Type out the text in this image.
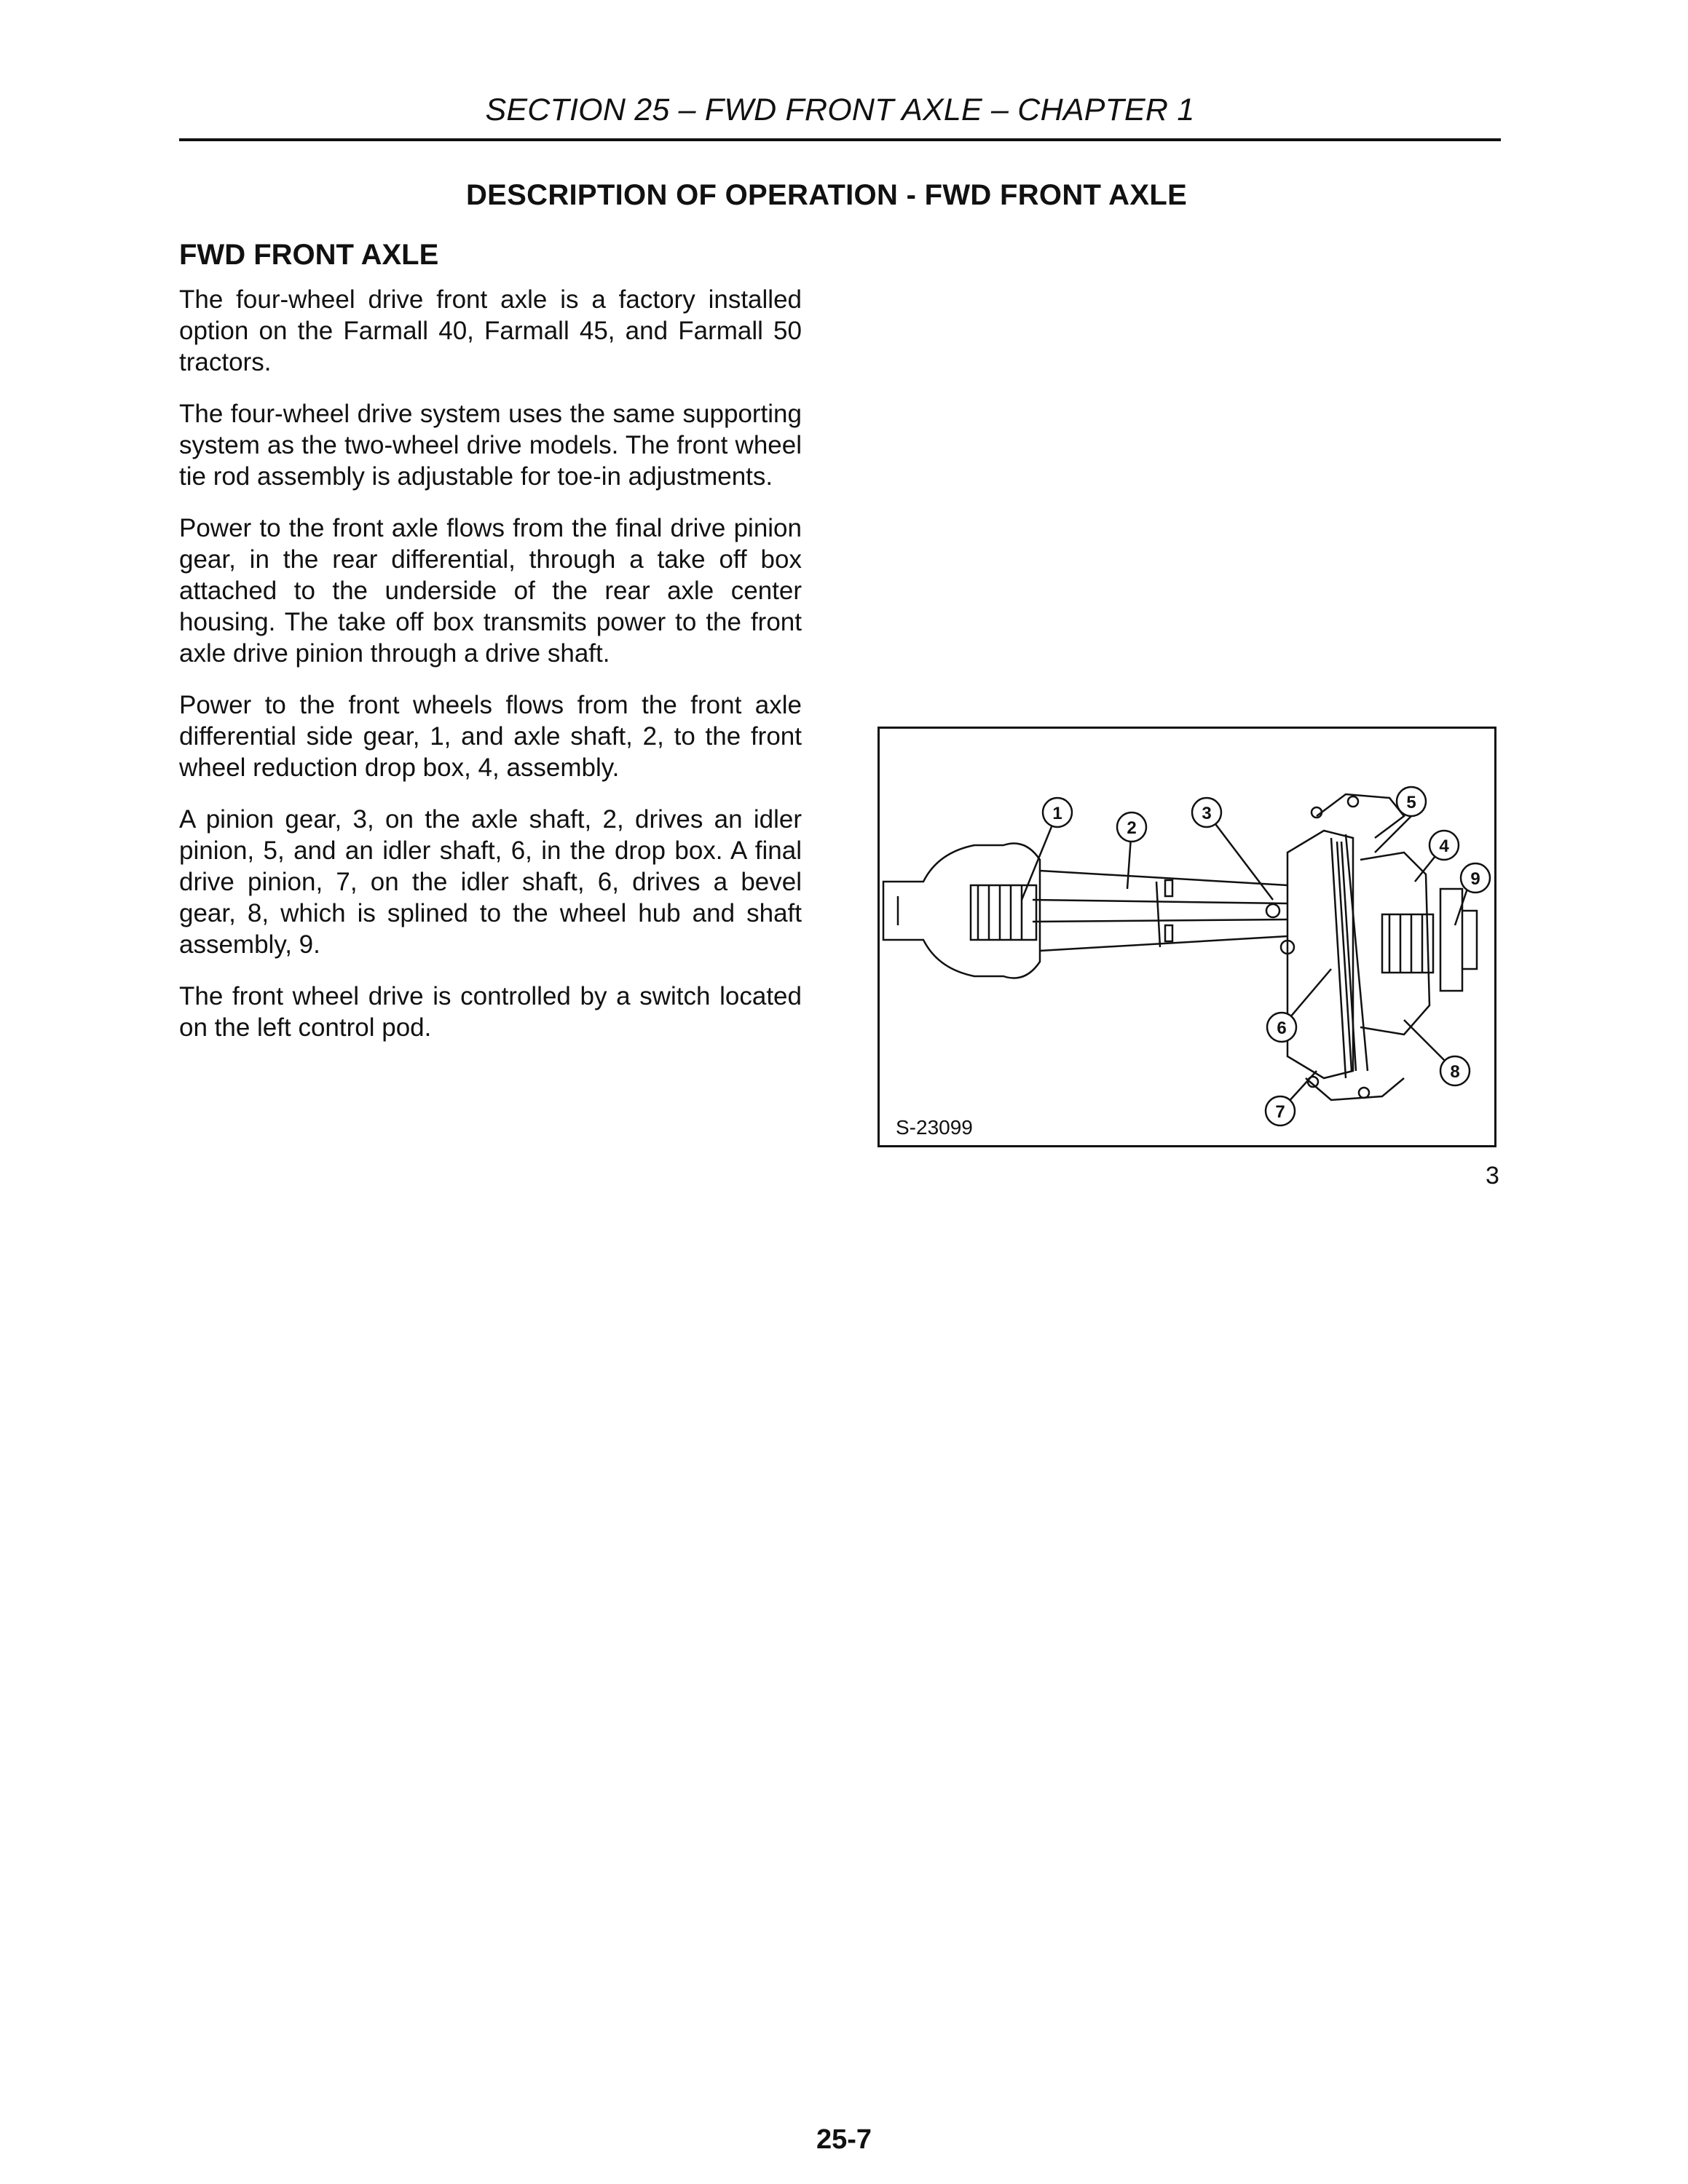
SECTION 25 – FWD FRONT AXLE – CHAPTER 1
DESCRIPTION OF OPERATION - FWD FRONT AXLE
FWD FRONT AXLE

The four-wheel drive front axle is a factory installed option on the Farmall 40, Farmall 45, and Farmall 50 tractors.

The four-wheel drive system uses the same supporting system as the two-wheel drive models. The front wheel tie rod assembly is adjustable for toe-in adjustments.

Power to the front axle flows from the final drive pinion gear, in the rear differential, through a take off box attached to the underside of the rear axle center housing. The take off box transmits power to the front axle drive pinion through a drive shaft.

Power to the front wheels flows from the front axle differential side gear, 1, and axle shaft, 2, to the front wheel reduction drop box, 4, assembly.

A pinion gear, 3, on the axle shaft, 2, drives an idler pinion, 5, and an idler shaft, 6, in the drop box. A final drive pinion, 7, on the idler shaft, 6, drives a bevel gear, 8, which is splined to the wheel hub and shaft assembly, 9.

The front wheel drive is controlled by a switch located on the left control pod.

1
2
3
4
5
6
7
8
9
S-23099
3
25-7
